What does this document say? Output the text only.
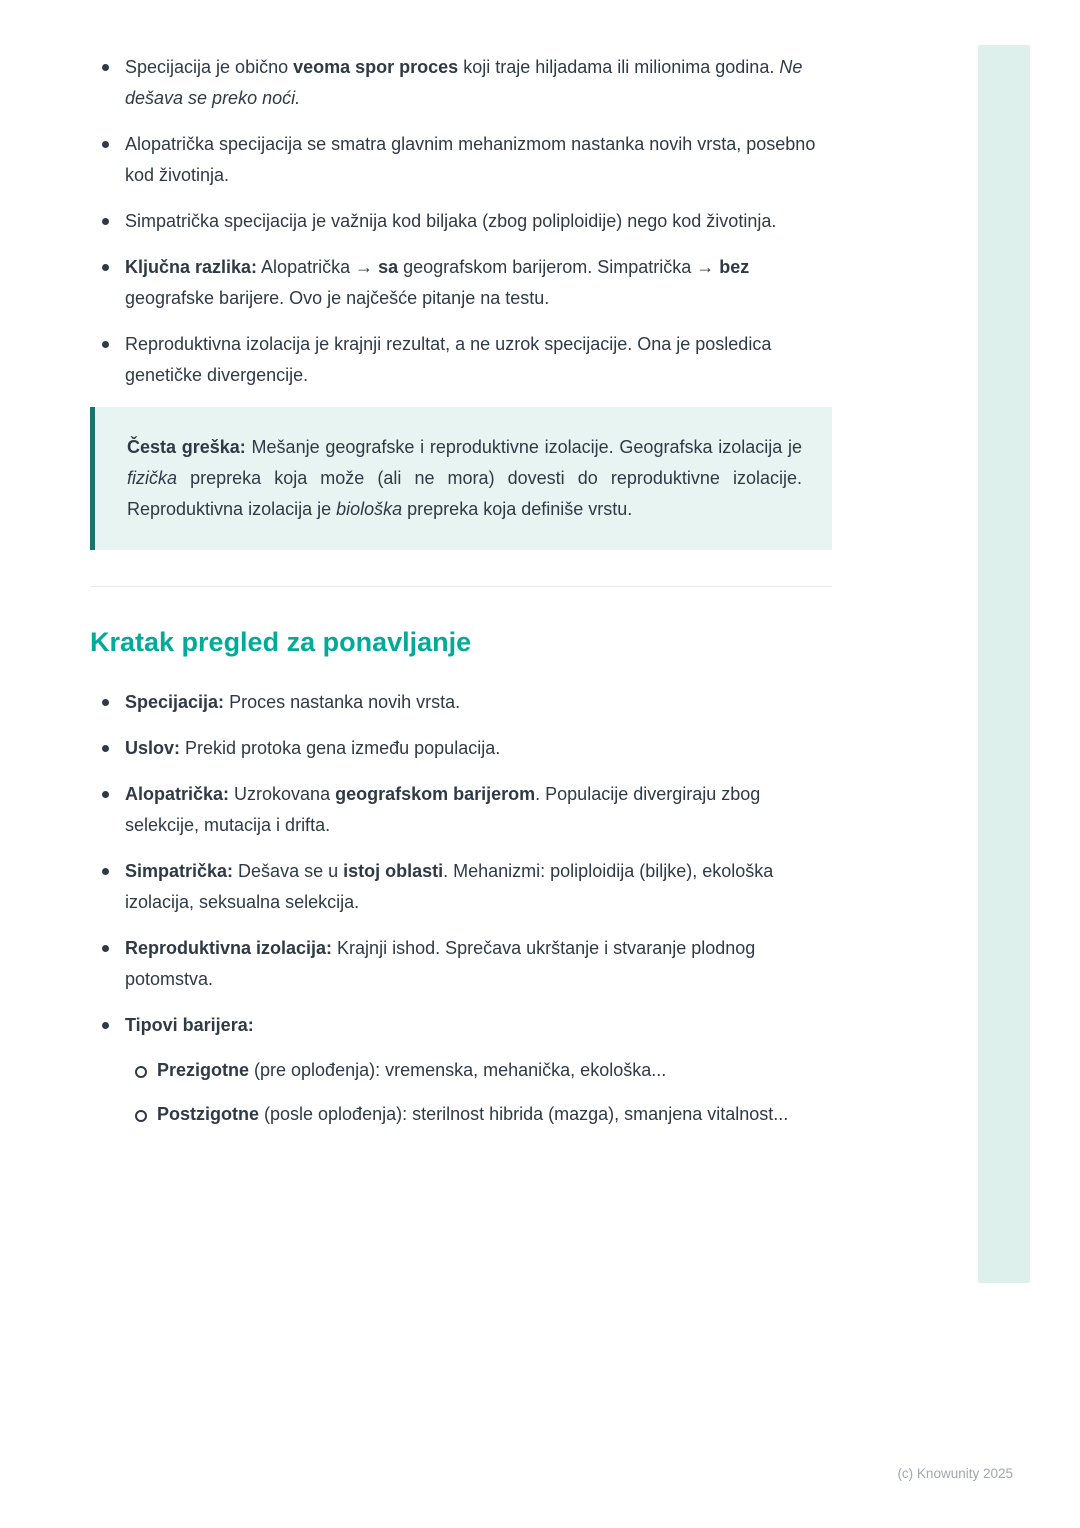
Specijacija je obično veoma spor proces koji traje hiljadama ili milionima godina. Ne dešava se preko noći.
Alopatrička specijacija se smatra glavnim mehanizmom nastanka novih vrsta, posebno kod životinja.
Simpatrička specijacija je važnija kod biljaka (zbog poliploidije) nego kod životinja.
Ključna razlika: Alopatrička → sa geografskom barijerom. Simpatrička → bez geografske barijere. Ovo je najčešće pitanje na testu.
Reproduktivna izolacija je krajnji rezultat, a ne uzrok specijacije. Ona je posledica genetičke divergencije.

Česta greška: Mešanje geografske i reproduktivne izolacije. Geografska izolacija je fizička prepreka koja može (ali ne mora) dovesti do reproduktivne izolacije. Reproduktivna izolacija je biološka prepreka koja definiše vrstu.

Kratak pregled za ponavljanje
Specijacija: Proces nastanka novih vrsta.
Uslov: Prekid protoka gena između populacija.
Alopatrička: Uzrokovana geografskom barijerom. Populacije divergiraju zbog selekcije, mutacija i drifta.
Simpatrička: Dešava se u istoj oblasti. Mehanizmi: poliploidija (biljke), ekološka izolacija, seksualna selekcija.
Reproduktivna izolacija: Krajnji ishod. Sprečava ukrštanje i stvaranje plodnog potomstva.
Tipovi barijera:
Prezigotne (pre oplođenja): vremenska, mehanička, ekološka...
Postzigotne (posle oplođenja): sterilnost hibrida (mazga), smanjena vitalnost...
(c) Knowunity 2025
